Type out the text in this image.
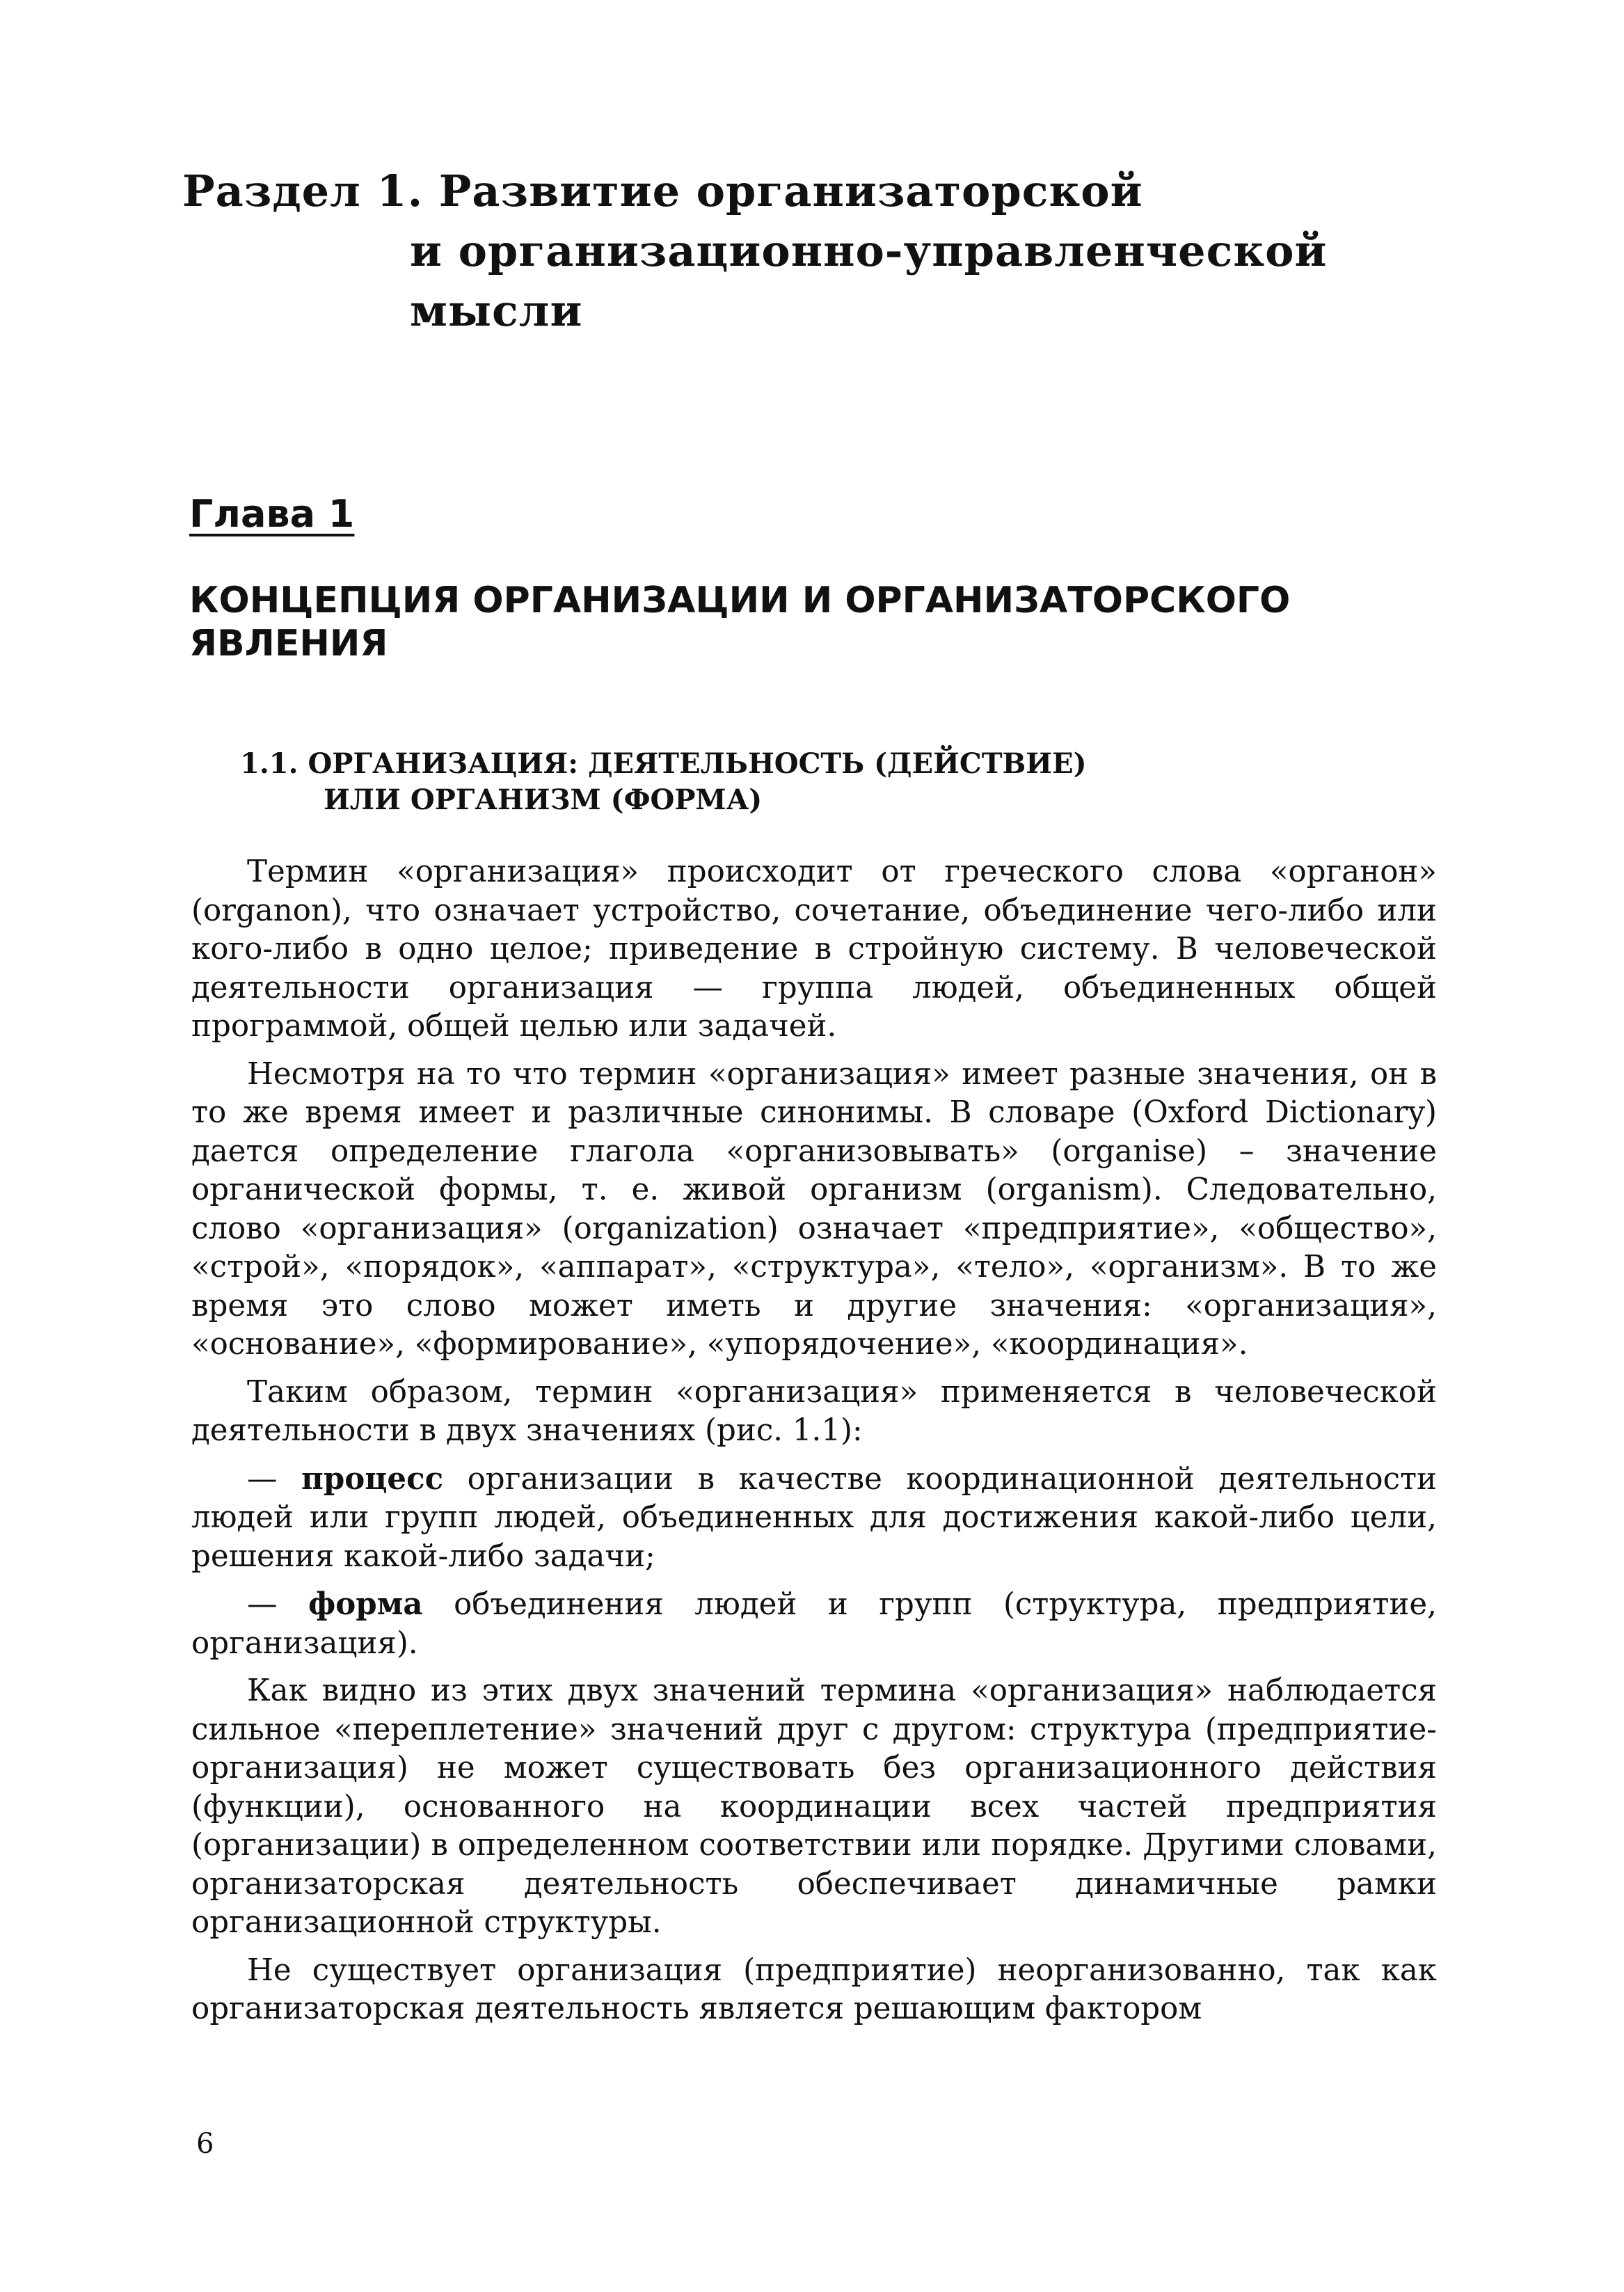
Раздел 1. Развитие организаторской
и организационно-управленческой мысли
Глава 1
КОНЦЕПЦИЯ ОРГАНИЗАЦИИ И ОРГАНИЗАТОРСКОГО ЯВЛЕНИЯ
1.1. ОРГАНИЗАЦИЯ: ДЕЯТЕЛЬНОСТЬ (ДЕЙСТВИЕ)
ИЛИ ОРГАНИЗМ (ФОРМА)

Термин «организация» происходит от греческого слова «органон» (organon), что означает устройство, сочетание, объединение чего-либо или кого-либо в одно целое; приведение в стройную систему. В человеческой деятельности организация — группа людей, объединенных общей программой, общей целью или задачей.

Несмотря на то что термин «организация» имеет разные значения, он в то же время имеет и различные синонимы. В словаре (Oxford Dictionary) дается определение глагола «организовывать» (organise) – значение органической формы, т. е. живой организм (organism). Следовательно, слово «организация» (organization) означает «предприятие», «общество», «строй», «порядок», «аппарат», «структура», «тело», «организм». В то же время это слово может иметь и другие значения: «организация», «основание», «формирование», «упорядочение», «координация».

Таким образом, термин «организация» применяется в человеческой деятельности в двух значениях (рис. 1.1):

— процесс организации в качестве координационной деятельности людей или групп людей, объединенных для достижения какой-либо цели, решения какой-либо задачи;

— форма объединения людей и групп (структура, предприятие, организация).

Как видно из этих двух значений термина «организация» наблюдается сильное «переплетение» значений друг с другом: структура (предприятие-организация) не может существовать без организационного действия (функции), основанного на координации всех частей предприятия (организации) в определенном соответствии или порядке. Другими словами, организаторская деятельность обеспечивает динамичные рамки организационной структуры.

Не существует организация (предприятие) неорганизованно, так как организаторская деятельность является решающим фактором

6
